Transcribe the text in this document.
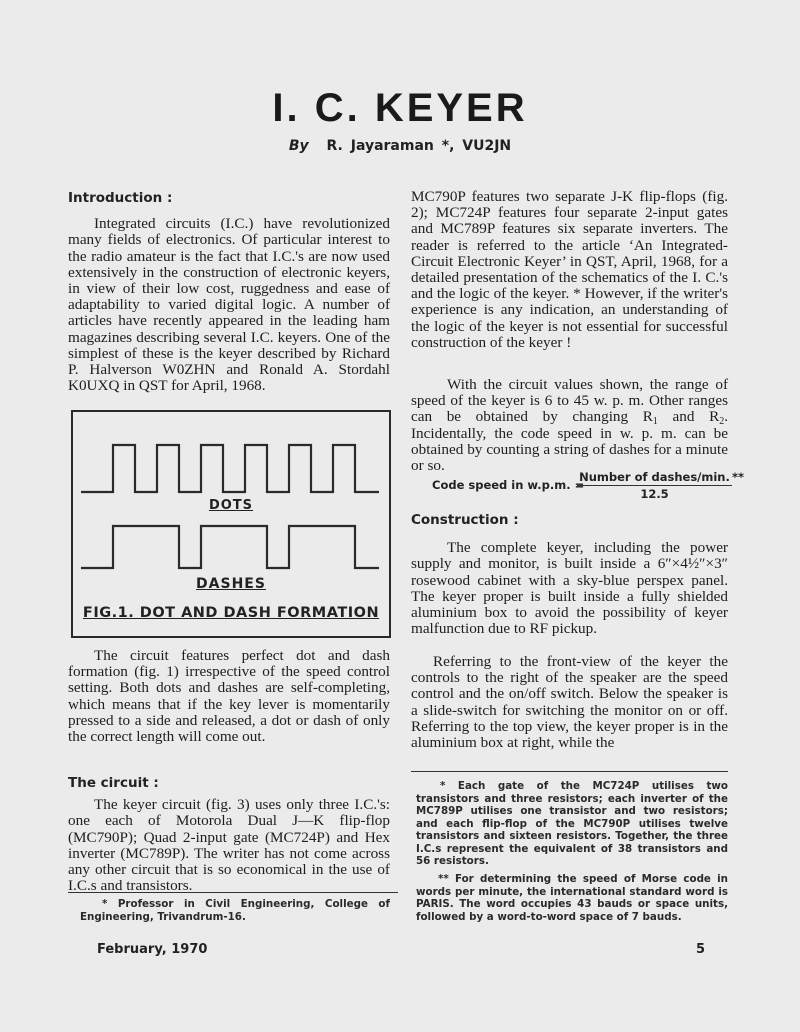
I. C. KEYER
By R. Jayaraman *, VU2JN
Introduction :

Integrated circuits (I.C.) have revolutionized many fields of electronics. Of particular interest to the radio amateur is the fact that I.C.'s are now used extensively in the construction of electronic keyers, in view of their low cost, ruggedness and ease of adaptability to varied digital logic. A number of articles have recently appeared in the leading ham magazines describing several I.C. keyers. One of the simplest of these is the keyer described by Richard P. Halverson W0ZHN and Ronald A. Stordahl K0UXQ in QST for April, 1968.

DOTS
DASHES
FIG.1. DOT AND DASH FORMATION

The circuit features perfect dot and dash formation (fig. 1) irrespective of the speed control setting. Both dots and dashes are self-completing, which means that if the key lever is momentarily pressed to a side and released, a dot or dash of only the correct length will come out.

The circuit :

The keyer circuit (fig. 3) uses only three I.C.'s: one each of Motorola Dual J—K flip-flop (MC790P); Quad 2-input gate (MC724P) and Hex inverter (MC789P). The writer has not come across any other circuit that is so economical in the use of I.C.s and transistors.

* Professor in Civil Engineering, College of Engineering, Trivandrum-16.

MC790P features two separate J-K flip-flops (fig. 2); MC724P features four separate 2-input gates and MC789P features six separate inverters. The reader is referred to the article ‘An Integrated-Circuit Electronic Keyer’ in QST, April, 1968, for a detailed presentation of the schematics of the I. C.'s and the logic of the keyer. * However, if the writer's experience is any indication, an understanding of the logic of the keyer is not essential for successful construction of the keyer !

With the circuit values shown, the range of speed of the keyer is 6 to 45 w. p. m. Other ranges can be obtained by changing $R_1$ and $R_2$. Incidentally, the code speed in w. p. m. can be obtained by counting a string of dashes for a minute or so.

Code speed in w.p.m. =
Number of dashes/min.
12.5
**
Construction :

The complete keyer, including the power supply and monitor, is built inside a 6″×4½″×3″ rosewood cabinet with a sky-blue perspex panel. The keyer proper is built inside a fully shielded aluminium box to avoid the possibility of keyer malfunction due to RF pickup.

Referring to the front-view of the keyer the controls to the right of the speaker are the speed control and the on/off switch. Below the speaker is a slide-switch for switching the monitor on or off. Referring to the top view, the keyer proper is in the aluminium box at right, while the

* Each gate of the MC724P utilises two transistors and three resistors; each inverter of the MC789P utilises one transistor and two resistors; and each flip-flop of the MC790P utilises twelve transistors and sixteen resistors. Together, the three I.C.s represent the equivalent of 38 transistors and 56 resistors.

** For determining the speed of Morse code in words per minute, the international standard word is PARIS. The word occupies 43 bauds or space units, followed by a word-to-word space of 7 bauds.

February, 1970	5
